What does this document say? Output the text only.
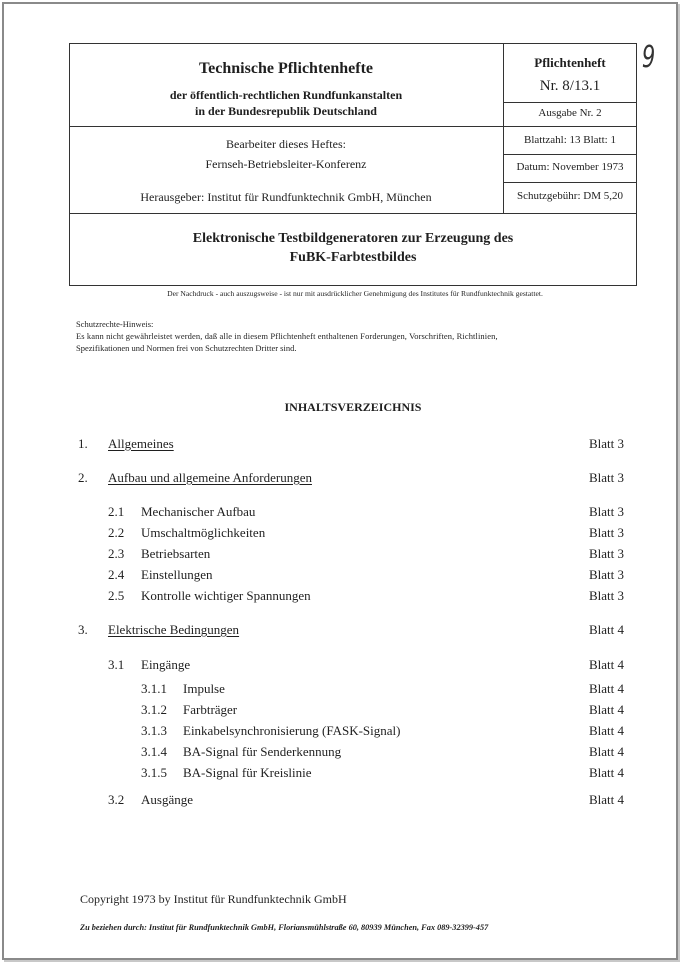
9
Technische Pflichtenhefte
der öffentlich-rechtlichen Rundfunkanstalten
in der Bundesrepublik Deutschland
Pflichtenheft
Nr. 8/13.1
Ausgabe Nr. 2
Bearbeiter dieses Heftes:
Fernseh-Betriebsleiter-Konferenz
Herausgeber: Institut für Rundfunktechnik GmbH, München
Blattzahl: 13 Blatt: 1
Datum: November 1973
Schutzgebühr: DM 5,20
Elektronische Testbildgeneratoren zur Erzeugung des
FuBK-Farbtestbildes
Der Nachdruck - auch auszugsweise - ist nur mit ausdrücklicher Genehmigung des Institutes für Rundfunktechnik gestattet.
Schutzrechte-Hinweis:
Es kann nicht gewährleistet werden, daß alle in diesem Pflichtenheft enthaltenen Forderungen, Vorschriften, Richtlinien,
Spezifikationen und Normen frei von Schutzrechten Dritter sind.
INHALTSVERZEICHNIS
1. Allgemeines	Blatt 3
2. Aufbau und allgemeine Anforderungen	Blatt 3
2.1 Mechanischer Aufbau	Blatt 3
2.2 Umschaltmöglichkeiten	Blatt 3
2.3 Betriebsarten	Blatt 3
2.4 Einstellungen	Blatt 3
2.5 Kontrolle wichtiger Spannungen	Blatt 3
3. Elektrische Bedingungen	Blatt 4
3.1 Eingänge	Blatt 4
3.1.1 Impulse	Blatt 4
3.1.2 Farbträger	Blatt 4
3.1.3 Einkabelsynchronisierung (FASK-Signal)	Blatt 4
3.1.4 BA-Signal für Senderkennung	Blatt 4
3.1.5 BA-Signal für Kreislinie	Blatt 4
3.2 Ausgänge	Blatt 4
Copyright 1973 by Institut für Rundfunktechnik GmbH
Zu beziehen durch: Institut für Rundfunktechnik GmbH, Floriansmühlstraße 60, 80939 München, Fax 089-32399-457
